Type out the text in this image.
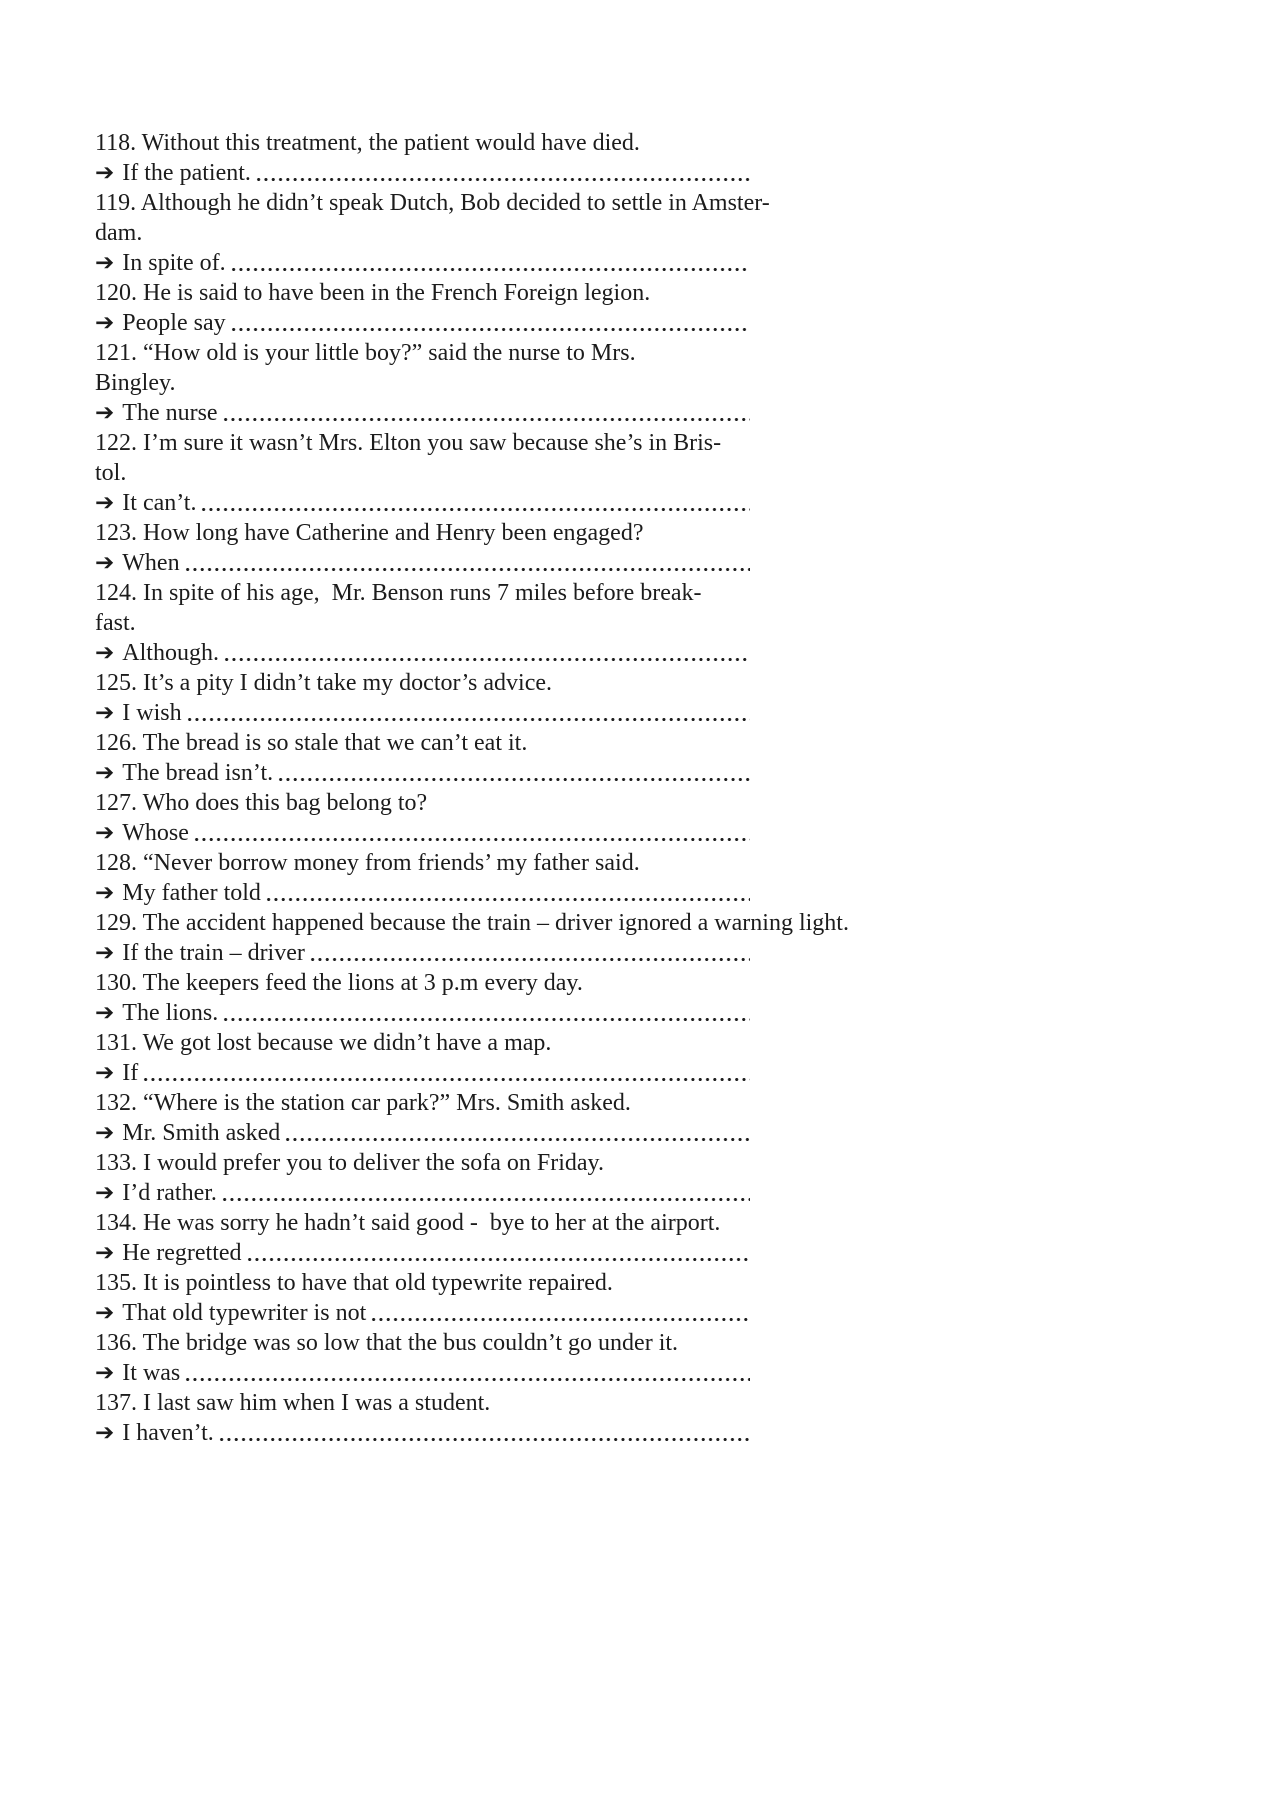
118. Without this treatment, the patient would have died.
➔ If the patient.
119. Although he didn’t speak Dutch, Bob decided to settle in Amster-
dam.
➔ In spite of.
120. He is said to have been in the French Foreign legion.
➔ People say
121. “How old is your little boy?” said the nurse to Mrs.
Bingley.
➔ The nurse
122. I’m sure it wasn’t Mrs. Elton you saw because she’s in Bris-
tol.
➔ It can’t.
123. How long have Catherine and Henry been engaged?
➔ When
124. In spite of his age,  Mr. Benson runs 7 miles before break-
fast.
➔ Although.
125. It’s a pity I didn’t take my doctor’s advice.
➔ I wish
126. The bread is so stale that we can’t eat it.
➔ The bread isn’t.
127. Who does this bag belong to?
➔ Whose
128. “Never borrow money from friends’ my father said.
➔ My father told
129. The accident happened because the train – driver ignored a warning light.
➔ If the train – driver
130. The keepers feed the lions at 3 p.m every day.
➔ The lions.
131. We got lost because we didn’t have a map.
➔ If
132. “Where is the station car park?” Mrs. Smith asked.
➔ Mr. Smith asked
133. I would prefer you to deliver the sofa on Friday.
➔ I’d rather.
134. He was sorry he hadn’t said good -  bye to her at the airport.
➔ He regretted
135. It is pointless to have that old typewrite repaired.
➔ That old typewriter is not
136. The bridge was so low that the bus couldn’t go under it.
➔ It was
137. I last saw him when I was a student.
➔ I haven’t.
